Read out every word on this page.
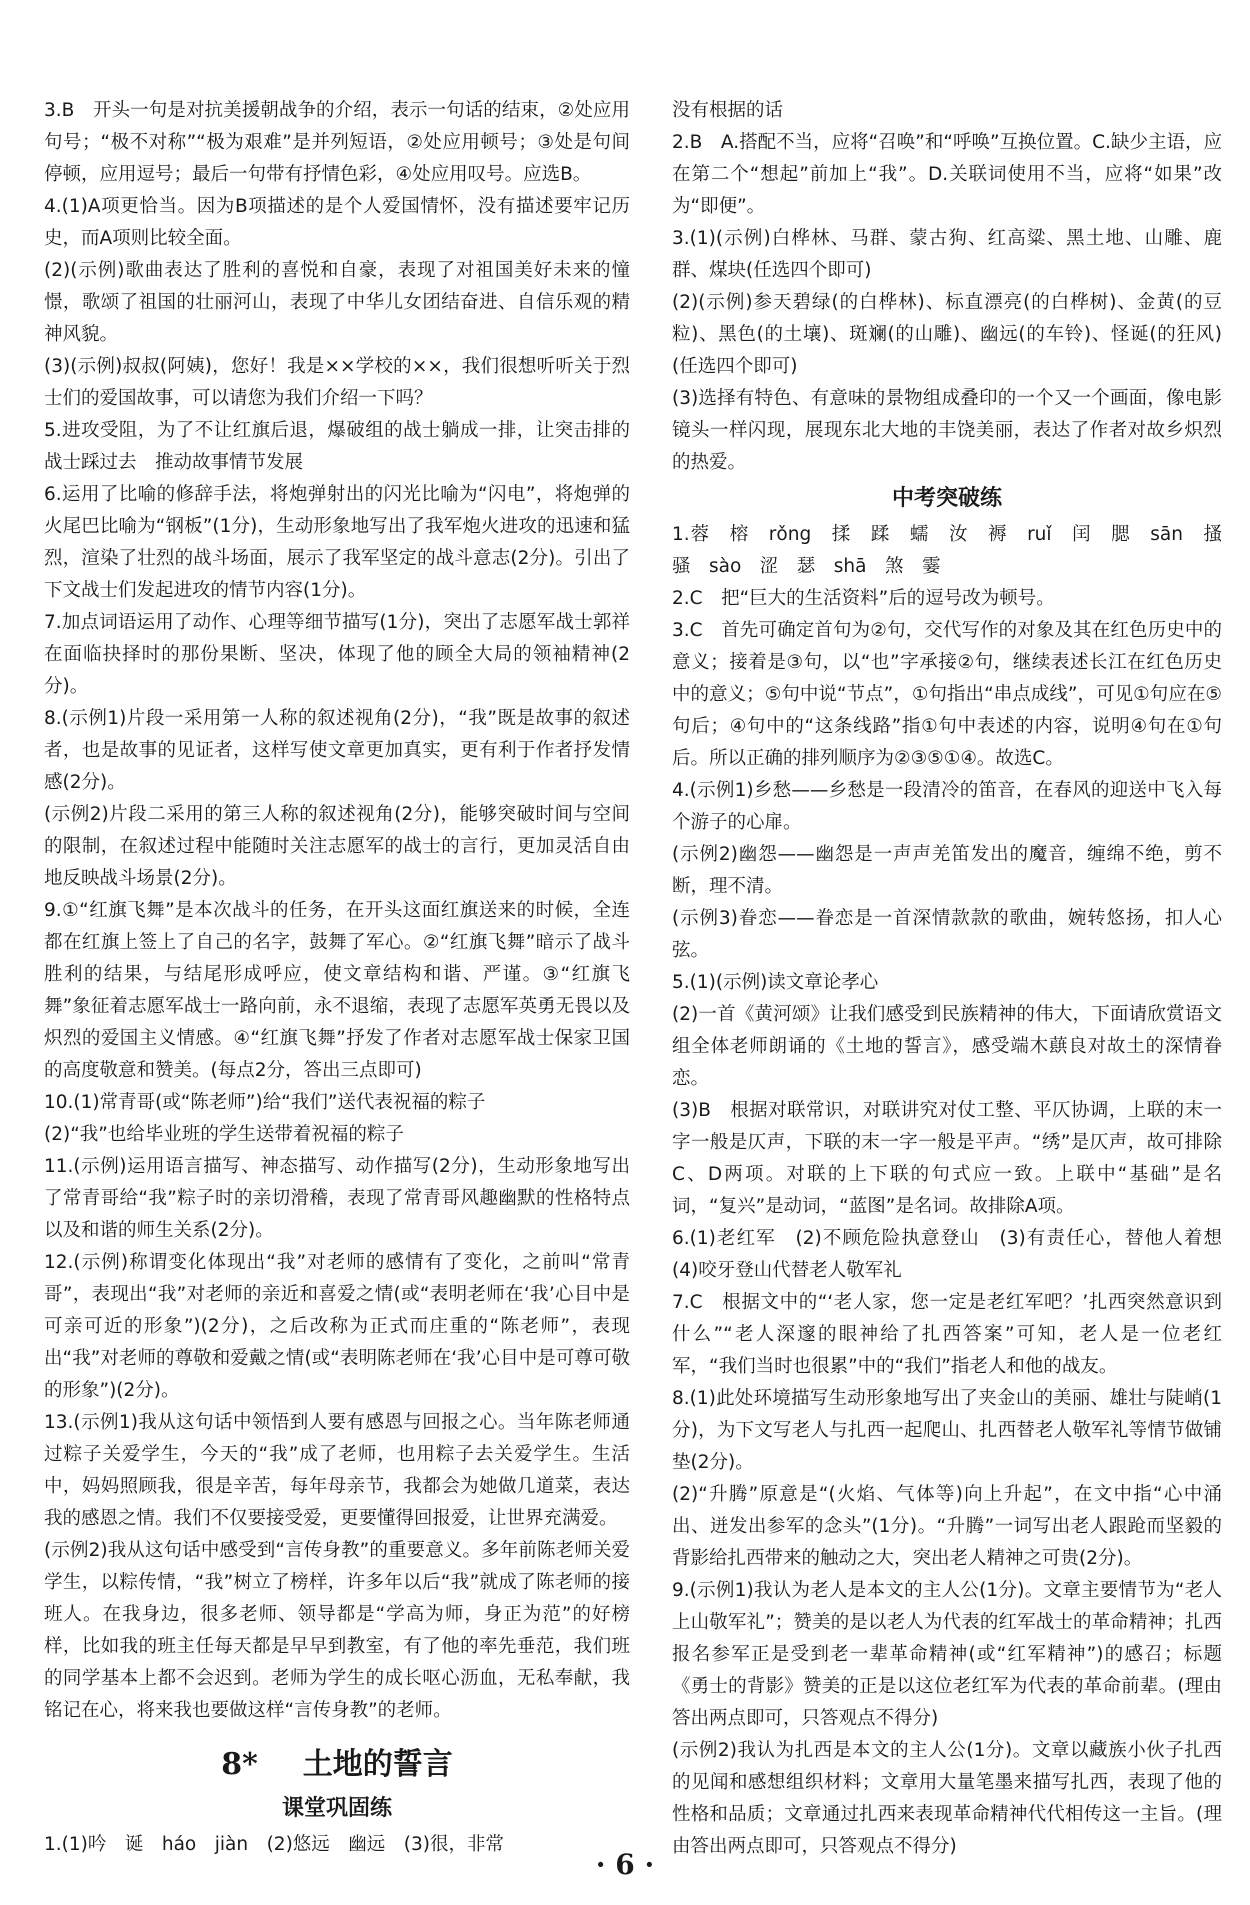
3.B　开头一句是对抗美援朝战争的介绍，表示一句话的结束，②处应用句号；“极不对称”“极为艰难”是并列短语，②处应用顿号；③处是句间停顿，应用逗号；最后一句带有抒情色彩，④处应用叹号。应选B。

4.(1)A项更恰当。因为B项描述的是个人爱国情怀，没有描述要牢记历史，而A项则比较全面。

(2)(示例)歌曲表达了胜利的喜悦和自豪，表现了对祖国美好未来的憧憬，歌颂了祖国的壮丽河山，表现了中华儿女团结奋进、自信乐观的精神风貌。

(3)(示例)叔叔(阿姨)，您好！我是××学校的××，我们很想听听关于烈士们的爱国故事，可以请您为我们介绍一下吗？

5.进攻受阻，为了不让红旗后退，爆破组的战士躺成一排，让突击排的战士踩过去　推动故事情节发展

6.运用了比喻的修辞手法，将炮弹射出的闪光比喻为“闪电”，将炮弹的火尾巴比喻为“钢板”(1分)，生动形象地写出了我军炮火进攻的迅速和猛烈，渲染了壮烈的战斗场面，展示了我军坚定的战斗意志(2分)。引出了下文战士们发起进攻的情节内容(1分)。

7.加点词语运用了动作、心理等细节描写(1分)，突出了志愿军战士郭祥在面临抉择时的那份果断、坚决，体现了他的顾全大局的领袖精神(2分)。

8.(示例1)片段一采用第一人称的叙述视角(2分)，“我”既是故事的叙述者，也是故事的见证者，这样写使文章更加真实，更有利于作者抒发情感(2分)。

(示例2)片段二采用的第三人称的叙述视角(2分)，能够突破时间与空间的限制，在叙述过程中能随时关注志愿军的战士的言行，更加灵活自由地反映战斗场景(2分)。

9.①“红旗飞舞”是本次战斗的任务，在开头这面红旗送来的时候，全连都在红旗上签上了自己的名字，鼓舞了军心。②“红旗飞舞”暗示了战斗胜利的结果，与结尾形成呼应，使文章结构和谐、严谨。③“红旗飞舞”象征着志愿军战士一路向前，永不退缩，表现了志愿军英勇无畏以及炽烈的爱国主义情感。④“红旗飞舞”抒发了作者对志愿军战士保家卫国的高度敬意和赞美。(每点2分，答出三点即可)

10.(1)常青哥(或“陈老师”)给“我们”送代表祝福的粽子

(2)“我”也给毕业班的学生送带着祝福的粽子

11.(示例)运用语言描写、神态描写、动作描写(2分)，生动形象地写出了常青哥给“我”粽子时的亲切滑稽，表现了常青哥风趣幽默的性格特点以及和谐的师生关系(2分)。

12.(示例)称谓变化体现出“我”对老师的感情有了变化，之前叫“常青哥”，表现出“我”对老师的亲近和喜爱之情(或“表明老师在‘我’心目中是可亲可近的形象”)(2分)，之后改称为正式而庄重的“陈老师”，表现出“我”对老师的尊敬和爱戴之情(或“表明陈老师在‘我’心目中是可尊可敬的形象”)(2分)。

13.(示例1)我从这句话中领悟到人要有感恩与回报之心。当年陈老师通过粽子关爱学生，今天的“我”成了老师，也用粽子去关爱学生。生活中，妈妈照顾我，很是辛苦，每年母亲节，我都会为她做几道菜，表达我的感恩之情。我们不仅要接受爱，更要懂得回报爱，让世界充满爱。

(示例2)我从这句话中感受到“言传身教”的重要意义。多年前陈老师关爱学生，以粽传情，“我”树立了榜样，许多年以后“我”就成了陈老师的接班人。在我身边，很多老师、领导都是“学高为师，身正为范”的好榜样，比如我的班主任每天都是早早到教室，有了他的率先垂范，我们班的同学基本上都不会迟到。老师为学生的成长呕心沥血，无私奉献，我铭记在心，将来我也要做这样“言传身教”的老师。

8* 土地的誓言
课堂巩固练

1.(1)吟　诞　háo　jiàn　(2)悠远　幽远　(3)很，非常

没有根据的话

2.B　A.搭配不当，应将“召唤”和“呼唤”互换位置。C.缺少主语，应在第二个“想起”前加上“我”。D.关联词使用不当，应将“如果”改为“即便”。

3.(1)(示例)白桦林、马群、蒙古狗、红高粱、黑土地、山雕、鹿群、煤块(任选四个即可)

(2)(示例)参天碧绿(的白桦林)、标直漂亮(的白桦树)、金黄(的豆粒)、黑色(的土壤)、斑斓(的山雕)、幽远(的车铃)、怪诞(的狂风)(任选四个即可)

(3)选择有特色、有意味的景物组成叠印的一个又一个画面，像电影镜头一样闪现，展现东北大地的丰饶美丽，表达了作者对故乡炽烈的热爱。

中考突破练

1.蓉　榕　rǒng　揉　蹂　蠕　汝　褥　ruǐ　闰　腮　sān　搔　骚　sào　涩　瑟　shā　煞　霎

2.C　把“巨大的生活资料”后的逗号改为顿号。

3.C　首先可确定首句为②句，交代写作的对象及其在红色历史中的意义；接着是③句，以“也”字承接②句，继续表述长江在红色历史中的意义；⑤句中说“节点”，①句指出“串点成线”，可见①句应在⑤句后；④句中的“这条线路”指①句中表述的内容，说明④句在①句后。所以正确的排列顺序为②③⑤①④。故选C。

4.(示例1)乡愁——乡愁是一段清冷的笛音，在春风的迎送中飞入每个游子的心扉。

(示例2)幽怨——幽怨是一声声羌笛发出的魔音，缠绵不绝，剪不断，理不清。

(示例3)眷恋——眷恋是一首深情款款的歌曲，婉转悠扬，扣人心弦。

5.(1)(示例)读文章论孝心

(2)一首《黄河颂》让我们感受到民族精神的伟大，下面请欣赏语文组全体老师朗诵的《土地的誓言》，感受端木蕻良对故土的深情眷恋。

(3)B　根据对联常识，对联讲究对仗工整、平仄协调，上联的末一字一般是仄声，下联的末一字一般是平声。“绣”是仄声，故可排除C、D两项。对联的上下联的句式应一致。上联中“基础”是名词，“复兴”是动词，“蓝图”是名词。故排除A项。

6.(1)老红军　(2)不顾危险执意登山　(3)有责任心，替他人着想　(4)咬牙登山代替老人敬军礼

7.C　根据文中的“‘老人家，您一定是老红军吧？’扎西突然意识到什么”“老人深邃的眼神给了扎西答案”可知，老人是一位老红军，“我们当时也很累”中的“我们”指老人和他的战友。

8.(1)此处环境描写生动形象地写出了夹金山的美丽、雄壮与陡峭(1分)，为下文写老人与扎西一起爬山、扎西替老人敬军礼等情节做铺垫(2分)。

(2)“升腾”原意是“(火焰、气体等)向上升起”，在文中指“心中涌出、迸发出参军的念头”(1分)。“升腾”一词写出老人跟跄而坚毅的背影给扎西带来的触动之大，突出老人精神之可贵(2分)。

9.(示例1)我认为老人是本文的主人公(1分)。文章主要情节为“老人上山敬军礼”；赞美的是以老人为代表的红军战士的革命精神；扎西报名参军正是受到老一辈革命精神(或“红军精神”)的感召；标题《勇士的背影》赞美的正是以这位老红军为代表的革命前辈。(理由答出两点即可，只答观点不得分)

(示例2)我认为扎西是本文的主人公(1分)。文章以藏族小伙子扎西的见闻和感想组织材料；文章用大量笔墨来描写扎西，表现了他的性格和品质；文章通过扎西来表现革命精神代代相传这一主旨。(理由答出两点即可，只答观点不得分)

· 6 ·
